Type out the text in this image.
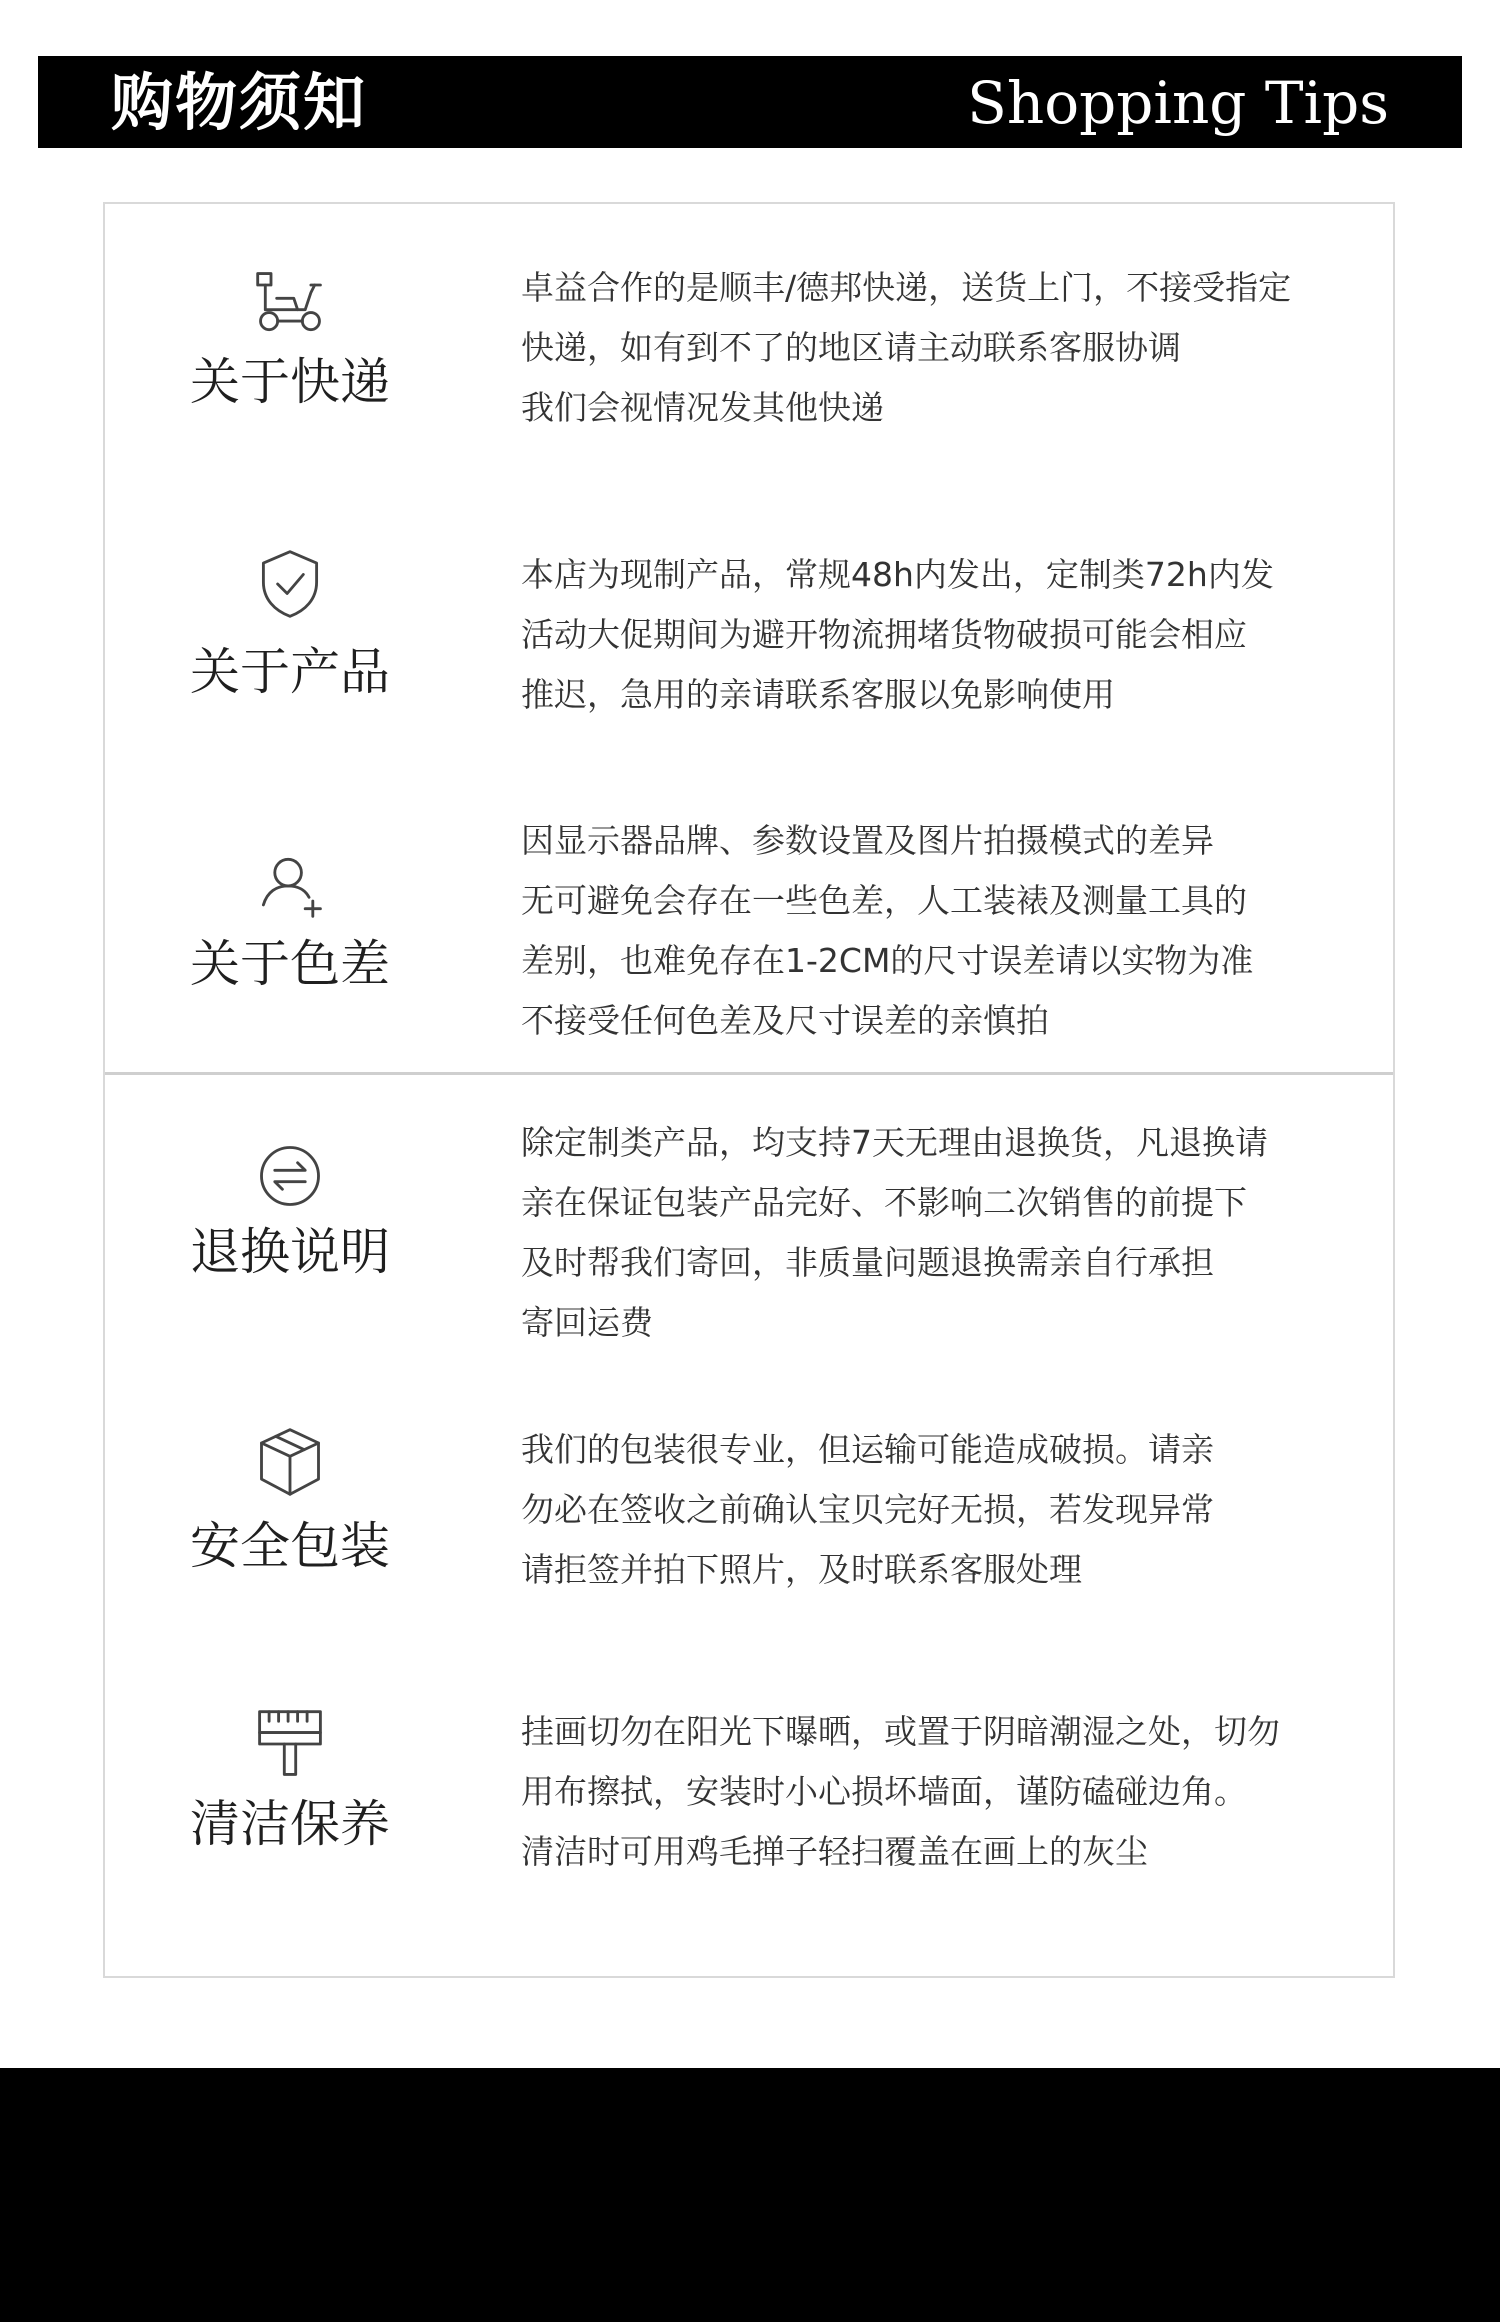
购物须知	Shopping Tips
关于快递
卓益合作的是顺丰/德邦快递，送货上门，不接受指定
快递，如有到不了的地区请主动联系客服协调
我们会视情况发其他快递
关于产品
本店为现制产品，常规48h内发出，定制类72h内发
活动大促期间为避开物流拥堵货物破损可能会相应
推迟，急用的亲请联系客服以免影响使用
关于色差
因显示器品牌、参数设置及图片拍摄模式的差异
无可避免会存在一些色差，人工装裱及测量工具的
差别，也难免存在1-2CM的尺寸误差请以实物为准
不接受任何色差及尺寸误差的亲慎拍
退换说明
除定制类产品，均支持7天无理由退换货，凡退换请
亲在保证包装产品完好、不影响二次销售的前提下
及时帮我们寄回，非质量问题退换需亲自行承担
寄回运费
安全包装
我们的包装很专业，但运输可能造成破损。请亲
勿必在签收之前确认宝贝完好无损，若发现异常
请拒签并拍下照片，及时联系客服处理
清洁保养
挂画切勿在阳光下曝晒，或置于阴暗潮湿之处，切勿
用布擦拭，安装时小心损坏墙面，谨防磕碰边角。
清洁时可用鸡毛掸子轻扫覆盖在画上的灰尘
